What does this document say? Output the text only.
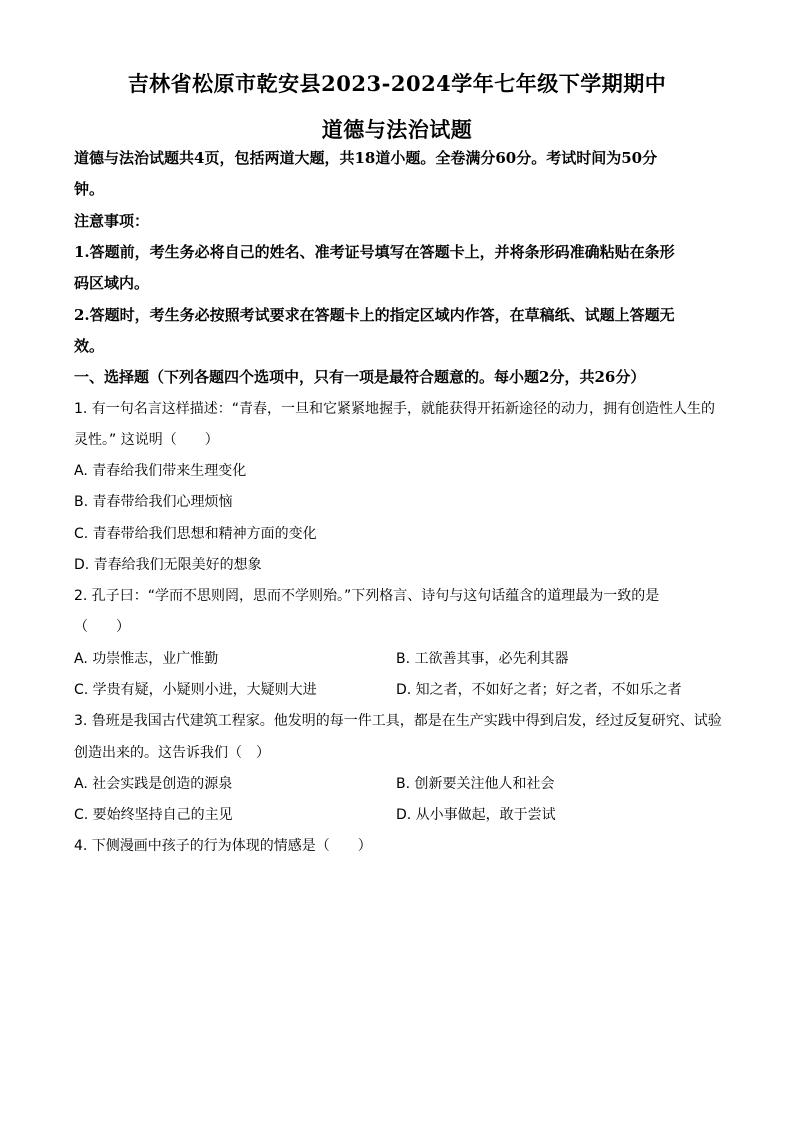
吉林省松原市乾安县2023-2024学年七年级下学期期中
道德与法治试题
道德与法治试题共4页，包括两道大题，共18道小题。全卷满分60分。考试时间为50分
钟。
注意事项：
1.答题前，考生务必将自己的姓名、准考证号填写在答题卡上，并将条形码准确粘贴在条形
码区域内。
2.答题时，考生务必按照考试要求在答题卡上的指定区域内作答，在草稿纸、试题上答题无
效。
一、选择题（下列各题四个选项中，只有一项是最符合题意的。每小题2分，共26分）
1. 有一句名言这样描述：“青春，一旦和它紧紧地握手，就能获得开拓新途径的动力，拥有创造性人生的
灵性。” 这说明（　　）
A. 青春给我们带来生理变化
B. 青春带给我们心理烦恼
C. 青春带给我们思想和精神方面的变化
D. 青春给我们无限美好的想象
2. 孔子曰：“学而不思则罔，思而不学则殆。”下列格言、诗句与这句话蕴含的道理最为一致的是
（　　）
A. 功崇惟志，业广惟勤	B. 工欲善其事，必先利其器
C. 学贵有疑，小疑则小进，大疑则大进	D. 知之者，不如好之者；好之者，不如乐之者
3. 鲁班是我国古代建筑工程家。他发明的每一件工具，都是在生产实践中得到启发，经过反复研究、试验
创造出来的。这告诉我们（　）
A. 社会实践是创造的源泉	B. 创新要关注他人和社会
C. 要始终坚持自己的主见	D. 从小事做起，敢于尝试
4. 下侧漫画中孩子的行为体现的情感是（　　）
